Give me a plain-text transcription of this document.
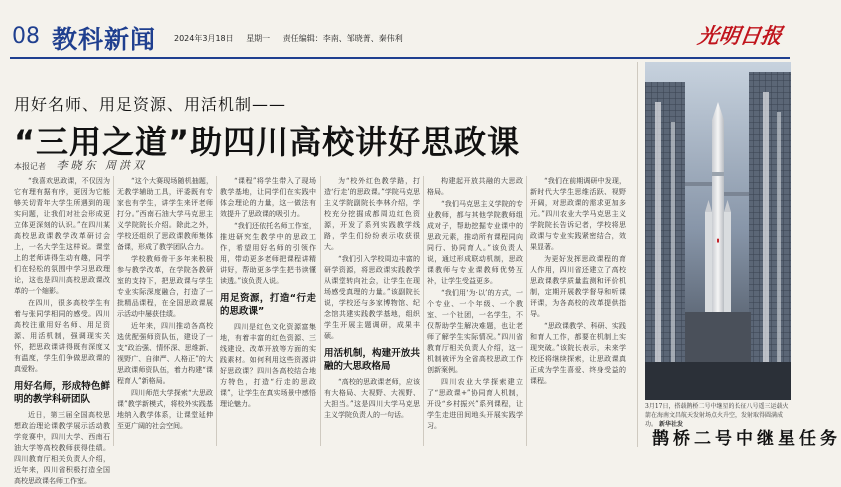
08 教科新闻 2024年3月18日 星期一 责任编辑：李南、邹晓菁、秦伟利	光明日报
用好名师、用足资源、用活机制——
“三用之道”助四川高校讲好思政课
本报记者 李晓东 周洪双

“我喜欢思政课，不仅因为它有理有据有序，更因为它能够关切青年大学生所遇到的现实问题，让我们对社会形成更立体更深刻的认识。”在四川某高校思政课教学改革研讨会上，一名大学生这样说。课堂上的老师讲得生动有趣，同学们在轻松的氛围中学习思政理论，这也是四川高校思政课改革的一个缩影。

在四川，很多高校学生有着与张同学相同的感受。四川高校注重用好名师、用足资源、用活机制，强调现实关怀，把思政课讲得既有深度又有温度，学生们争做思政课的真爱粉。

用好名师，形成特色鲜明的教学科研团队

近日，第三届全国高校思想政治理论课教学展示活动教学竞赛中，四川大学、西南石油大学等高校教师获得佳绩。四川教育厅相关负责人介绍，近年来，四川省积极打造全国高校思政课名师工作室。

“这个大赛现场随机抽题，无教学辅助工具，评委既有专家也有学生，讲学生来评老师打分。”西南石油大学马克思主义学院院长介绍。除此之外，学校还组织了思政课教师集体备课，形成了教学团队合力。

学校教师骨干多年来积极参与教学改革，在学院各教研室的支持下，把思政课与学生专业实际深度融合，打造了一批精品课程，在全国思政课展示活动中屡获佳绩。

近年来，四川推动各高校选优配强师资队伍，建设了一支“政治强、情怀深、思维新、视野广、自律严、人格正”的大思政课师资队伍，着力构建“课程育人”新格局。

四川师范大学探索“大思政课”教学新模式，将校外实践基地纳入教学体系，让课堂延伸至更广阔的社会空间。

“课程”将学生带入了现场教学基地，让同学们在实践中体会理论的力量，这一做法有效提升了思政课的吸引力。

“我们还依托名师工作室，推进研究生教学中的思政工作，希望用好名师的引领作用，带动更多老师把课程讲精讲好，帮助更多学生把书读懂读透。”该负责人说。

用足资源，打造“行走的思政课”

四川是红色文化资源富集地，有着丰富的红色资源、三线建设、改革开放等方面的实践素材。如何利用这些资源讲好思政课？四川各高校结合地方特色，打造“行走的思政课”，让学生在真实场景中感悟理论魅力。

为“校外红色教学路，打造‘行走’的思政课。”学院马克思主义学院副院长李林介绍，学校充分挖掘成都周边红色资源，开发了系列实践教学线路，学生们纷纷表示收获很大。

“我们引入学校周边丰富的研学资源，将思政课实践教学从课堂转向社会，让学生在现场感受真理的力量。”该副院长说，学校还与多家博物馆、纪念馆共建实践教学基地，组织学生开展主题调研，成果丰硕。

用活机制，构建开放共融的大思政格局

“高校的思政课老师，应该有大格局、大视野、大视野、大担当。”这是四川大学马克思主义学院负责人的一句话。

构建起开放共融的大思政格局。

“我们马克思主义学院的专业教师，都与其他学院教师组成对子，帮助挖掘专业课中的思政元素，推动所有课程同向同行、协同育人。”该负责人说，通过形成联动机制，思政课教师与专业课教师优势互补，让学生受益更多。

“我们用‘为·以’的方式，一个专业、一个年级、一个教室、一个社团，一名学生，不仅帮助学生解决难题，也让老师了解学生实际情况。”四川省教育厅相关负责人介绍，这一机制被评为全省高校思政工作创新案例。

四川农业大学探索建立了“思政课+”协同育人机制，开设“乡村振兴”系列课程，让学生走进田间地头开展实践学习。

“我们在前期调研中发现，新时代大学生思维活跃、视野开阔，对思政课的需求更加多元。”四川农业大学马克思主义学院院长告诉记者，学校将思政课与专业实践紧密结合，效果显著。

为更好发挥思政课程的育人作用，四川省还建立了高校思政课教学质量监测和评价机制，定期开展教学督导和听课评课，为各高校的改革提供指导。

“思政课教学、科研、实践和育人工作，都要在机制上实现突破。”该院长表示，未来学校还将继续探索，让思政课真正成为学生喜爱、终身受益的课程。

▮
3月17日，搭载鹊桥二号中继星的长征八号遥三运载火箭在海南文昌航天发射场点火升空，发射取得圆满成功。 新华社发
鹊桥二号中继星任务
